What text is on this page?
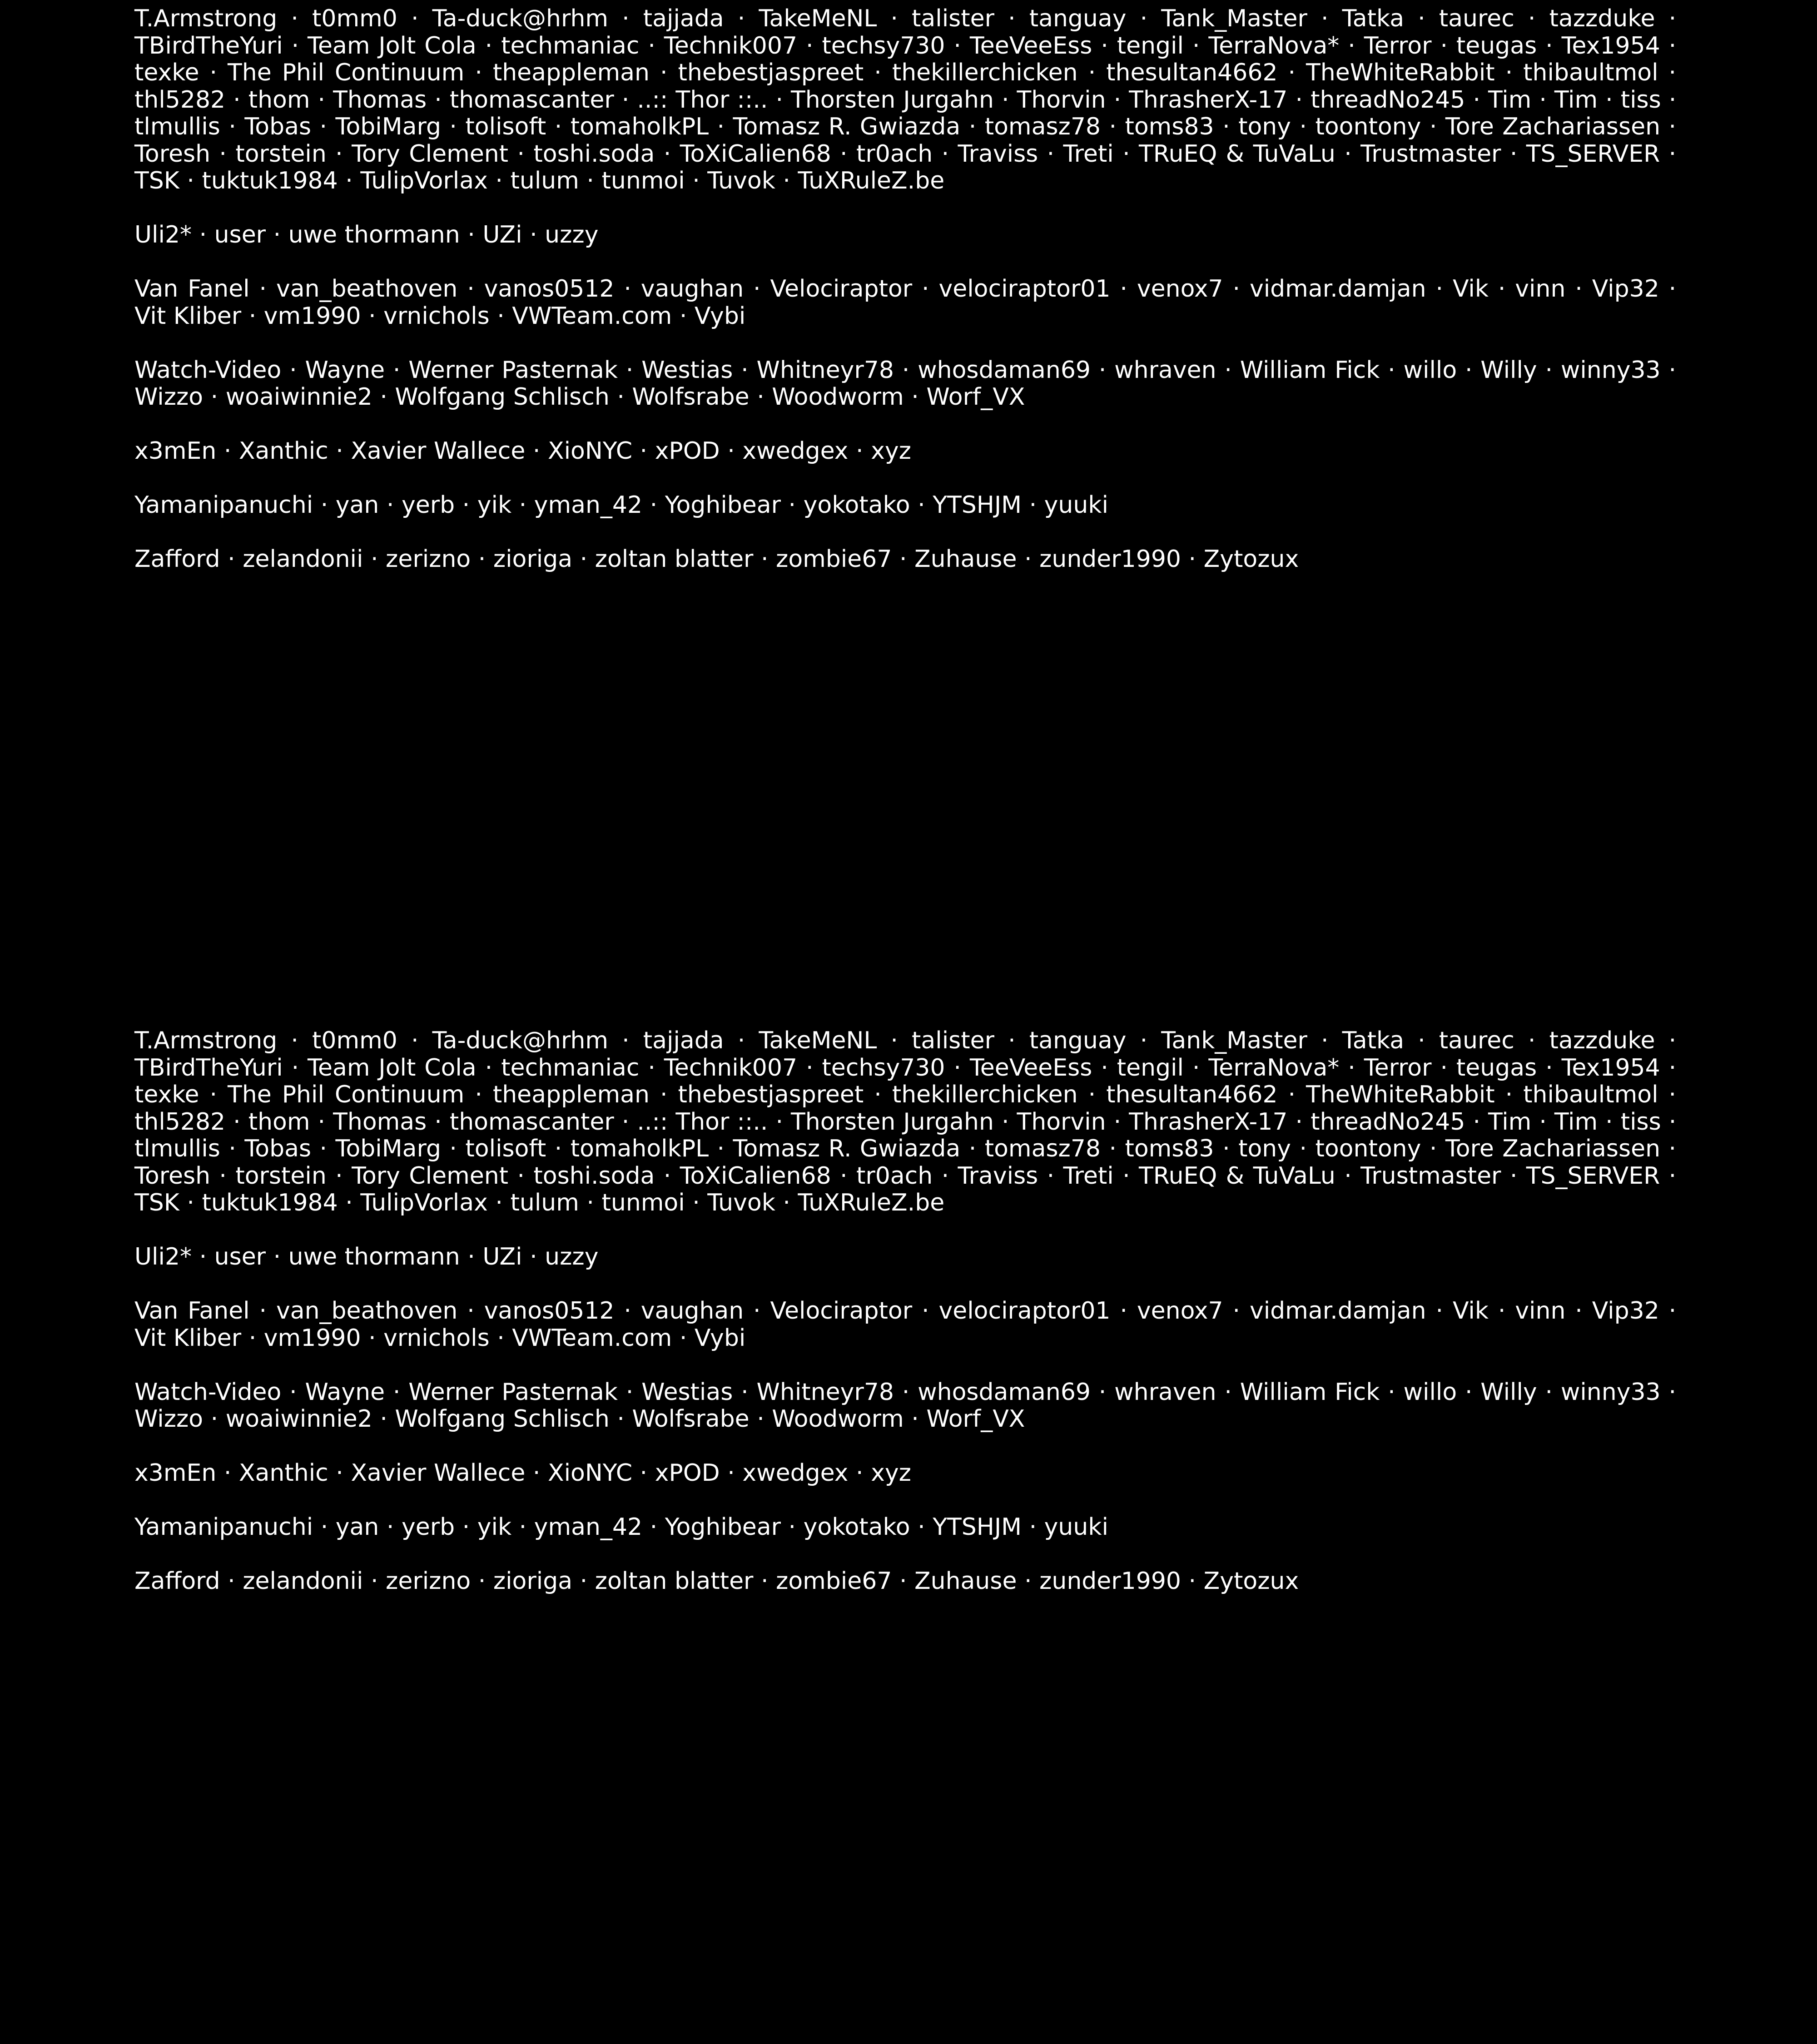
T.Armstrong · t0mm0 · Ta-duck@hrhm · tajjada · TakeMeNL · talister · tanguay · Tank_Master · Tatka · taurec · tazzduke · TBirdTheYuri · Team Jolt Cola · techmaniac · Technik007 · techsy730 · TeeVeeEss · tengil · TerraNova* · Terror · teugas · Tex1954 · texke · The Phil Continuum · theappleman · thebestjaspreet · thekillerchicken · thesultan4662 · TheWhiteRabbit · thibaultmol · thl5282 · thom · Thomas · thomascanter · ..:: Thor ::.. · Thorsten Jurgahn · Thorvin · ThrasherX-17 · threadNo245 · Tim · Tim · tiss · tlmullis · Tobas · TobiMarg · tolisoft · tomaholkPL · Tomasz R. Gwiazda · tomasz78 · toms83 · tony · toontony · Tore Zachariassen · Toresh · torstein · Tory Clement · toshi.soda · ToXiCalien68 · tr0ach · Traviss · Treti · TRuEQ & TuVaLu · Trustmaster · TS_SERVER · TSK · tuktuk1984 · TulipVorlax · tulum · tunmoi · Tuvok · TuXRuleZ.be
Uli2* · user · uwe thormann · UZi · uzzy
Van Fanel · van_beathoven · vanos0512 · vaughan · Velociraptor · velociraptor01 · venox7 · vidmar.damjan · Vik · vinn · Vip32 · Vit Kliber · vm1990 · vrnichols · VWTeam.com · Vybi
Watch-Video · Wayne · Werner Pasternak · Westias · Whitneyr78 · whosdaman69 · whraven · William Fick · willo · Willy · winny33 · Wizzo · woaiwinnie2 · Wolfgang Schlisch · Wolfsrabe · Woodworm · Worf_VX
x3mEn · Xanthic · Xavier Wallece · XioNYC · xPOD · xwedgex · xyz
Yamanipanuchi · yan · yerb · yik · yman_42 · Yoghibear · yokotako · YTSHJM · yuuki
Zafford · zelandonii · zerizno · zioriga · zoltan blatter · zombie67 · Zuhause · zunder1990 · Zytozux
T.Armstrong · t0mm0 · Ta-duck@hrhm · tajjada · TakeMeNL · talister · tanguay · Tank_Master · Tatka · taurec · tazzduke · TBirdTheYuri · Team Jolt Cola · techmaniac · Technik007 · techsy730 · TeeVeeEss · tengil · TerraNova* · Terror · teugas · Tex1954 · texke · The Phil Continuum · theappleman · thebestjaspreet · thekillerchicken · thesultan4662 · TheWhiteRabbit · thibaultmol · thl5282 · thom · Thomas · thomascanter · ..:: Thor ::.. · Thorsten Jurgahn · Thorvin · ThrasherX-17 · threadNo245 · Tim · Tim · tiss · tlmullis · Tobas · TobiMarg · tolisoft · tomaholkPL · Tomasz R. Gwiazda · tomasz78 · toms83 · tony · toontony · Tore Zachariassen · Toresh · torstein · Tory Clement · toshi.soda · ToXiCalien68 · tr0ach · Traviss · Treti · TRuEQ & TuVaLu · Trustmaster · TS_SERVER · TSK · tuktuk1984 · TulipVorlax · tulum · tunmoi · Tuvok · TuXRuleZ.be
Uli2* · user · uwe thormann · UZi · uzzy
Van Fanel · van_beathoven · vanos0512 · vaughan · Velociraptor · velociraptor01 · venox7 · vidmar.damjan · Vik · vinn · Vip32 · Vit Kliber · vm1990 · vrnichols · VWTeam.com · Vybi
Watch-Video · Wayne · Werner Pasternak · Westias · Whitneyr78 · whosdaman69 · whraven · William Fick · willo · Willy · winny33 · Wizzo · woaiwinnie2 · Wolfgang Schlisch · Wolfsrabe · Woodworm · Worf_VX
x3mEn · Xanthic · Xavier Wallece · XioNYC · xPOD · xwedgex · xyz
Yamanipanuchi · yan · yerb · yik · yman_42 · Yoghibear · yokotako · YTSHJM · yuuki
Zafford · zelandonii · zerizno · zioriga · zoltan blatter · zombie67 · Zuhause · zunder1990 · Zytozux
